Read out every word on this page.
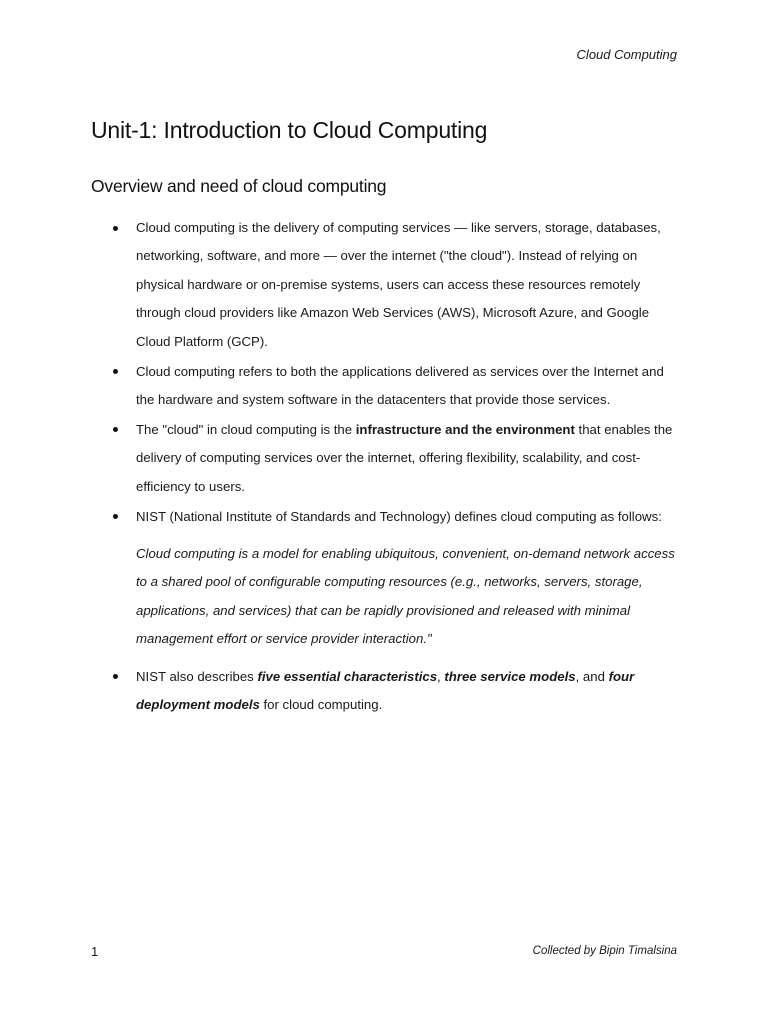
Cloud Computing
Unit-1: Introduction to Cloud Computing
Overview and need of cloud computing
Cloud computing is the delivery of computing services — like servers, storage, databases, networking, software, and more — over the internet ("the cloud"). Instead of relying on physical hardware or on-premise systems, users can access these resources remotely through cloud providers like Amazon Web Services (AWS), Microsoft Azure, and Google Cloud Platform (GCP).
Cloud computing refers to both the applications delivered as services over the Internet and the hardware and system software in the datacenters that provide those services.
The "cloud" in cloud computing is the infrastructure and the environment that enables the delivery of computing services over the internet, offering flexibility, scalability, and cost-efficiency to users.
NIST (National Institute of Standards and Technology) defines cloud computing as follows:
Cloud computing is a model for enabling ubiquitous, convenient, on-demand network access to a shared pool of configurable computing resources (e.g., networks, servers, storage, applications, and services) that can be rapidly provisioned and released with minimal management effort or service provider interaction."
NIST also describes five essential characteristics, three service models, and four deployment models for cloud computing.
1	Collected by Bipin Timalsina
